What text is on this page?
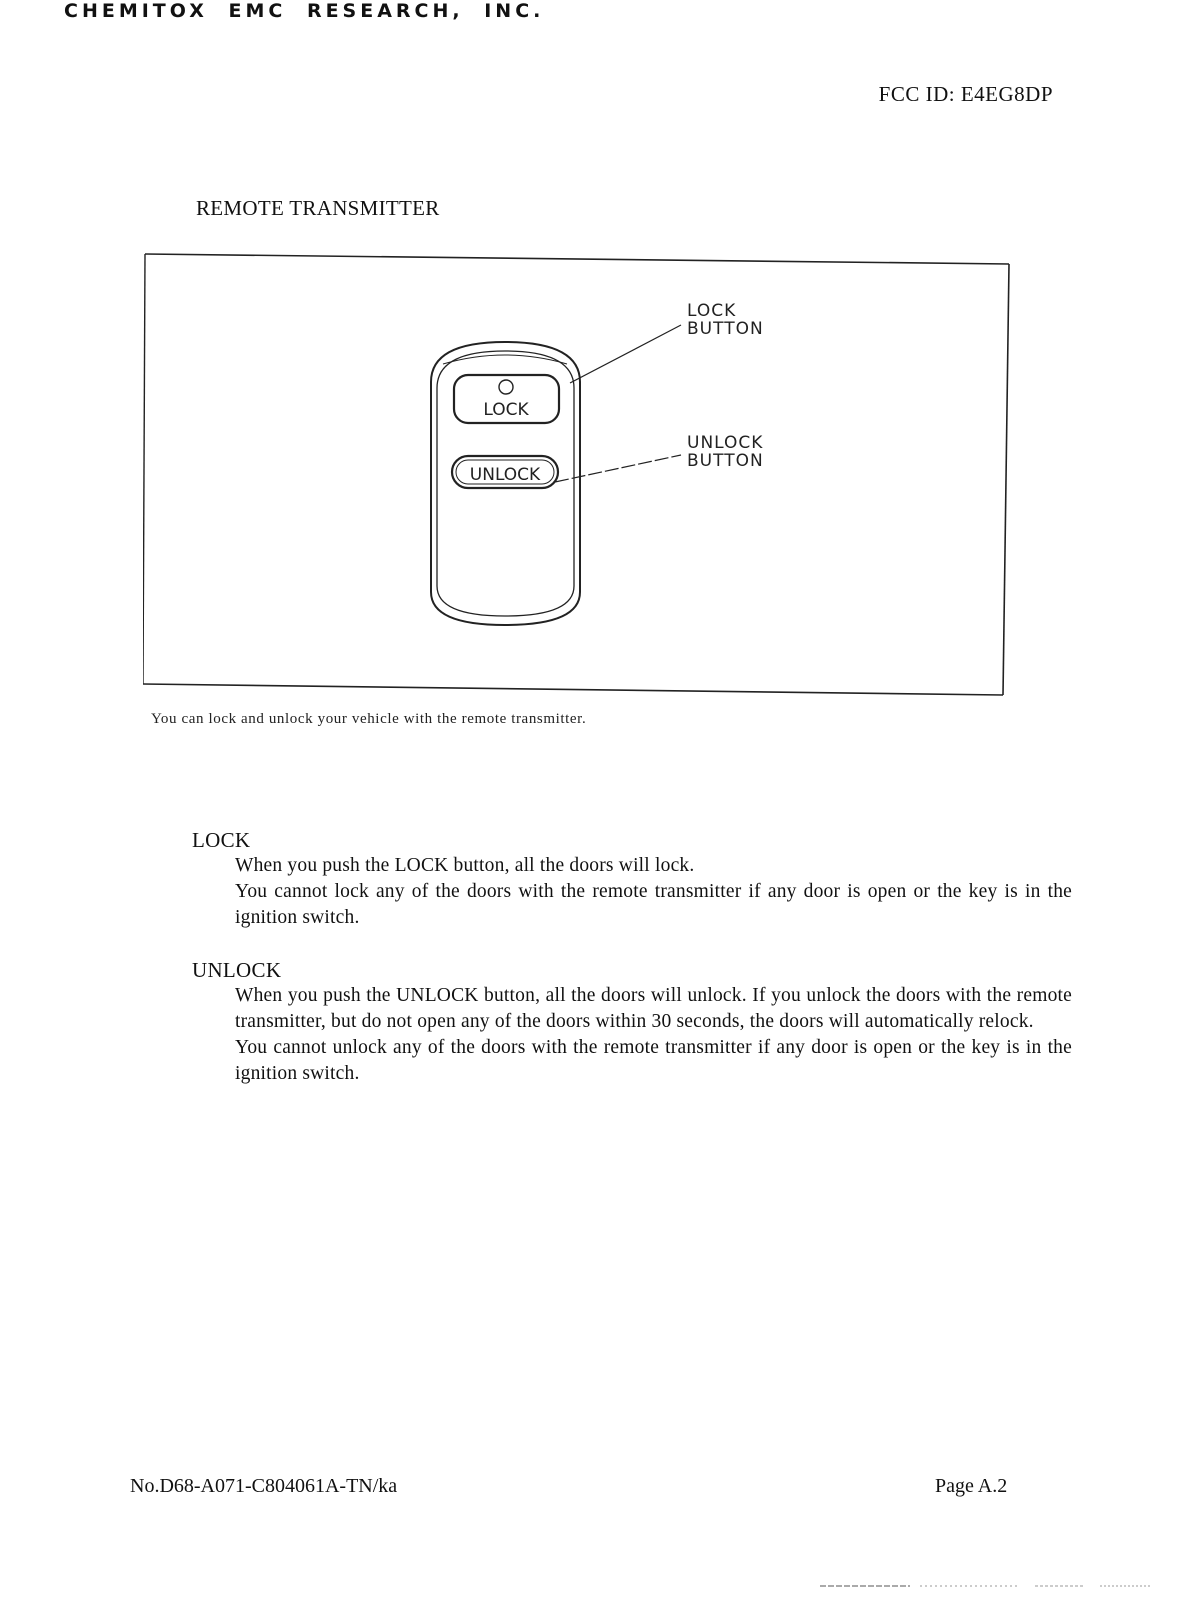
CHEMITOX EMC RESEARCH, INC.
FCC ID: E4EG8DP
REMOTE TRANSMITTER
LOCK
UNLOCK
LOCK
BUTTON
UNLOCK
BUTTON
You can lock and unlock your vehicle with the remote transmitter.
LOCK

When you push the LOCK button, all the doors will lock.

You cannot lock any of the doors with the remote transmitter if any door is open or the key is in the ignition switch.

UNLOCK

When you push the UNLOCK button, all the doors will unlock. If you unlock the doors with the remote transmitter, but do not open any of the doors within 30 seconds, the doors will automatically relock.

You cannot unlock any of the doors with the remote transmitter if any door is open or the key is in the ignition switch.

No.D68-A071-C804061A-TN/ka	Page A.2
